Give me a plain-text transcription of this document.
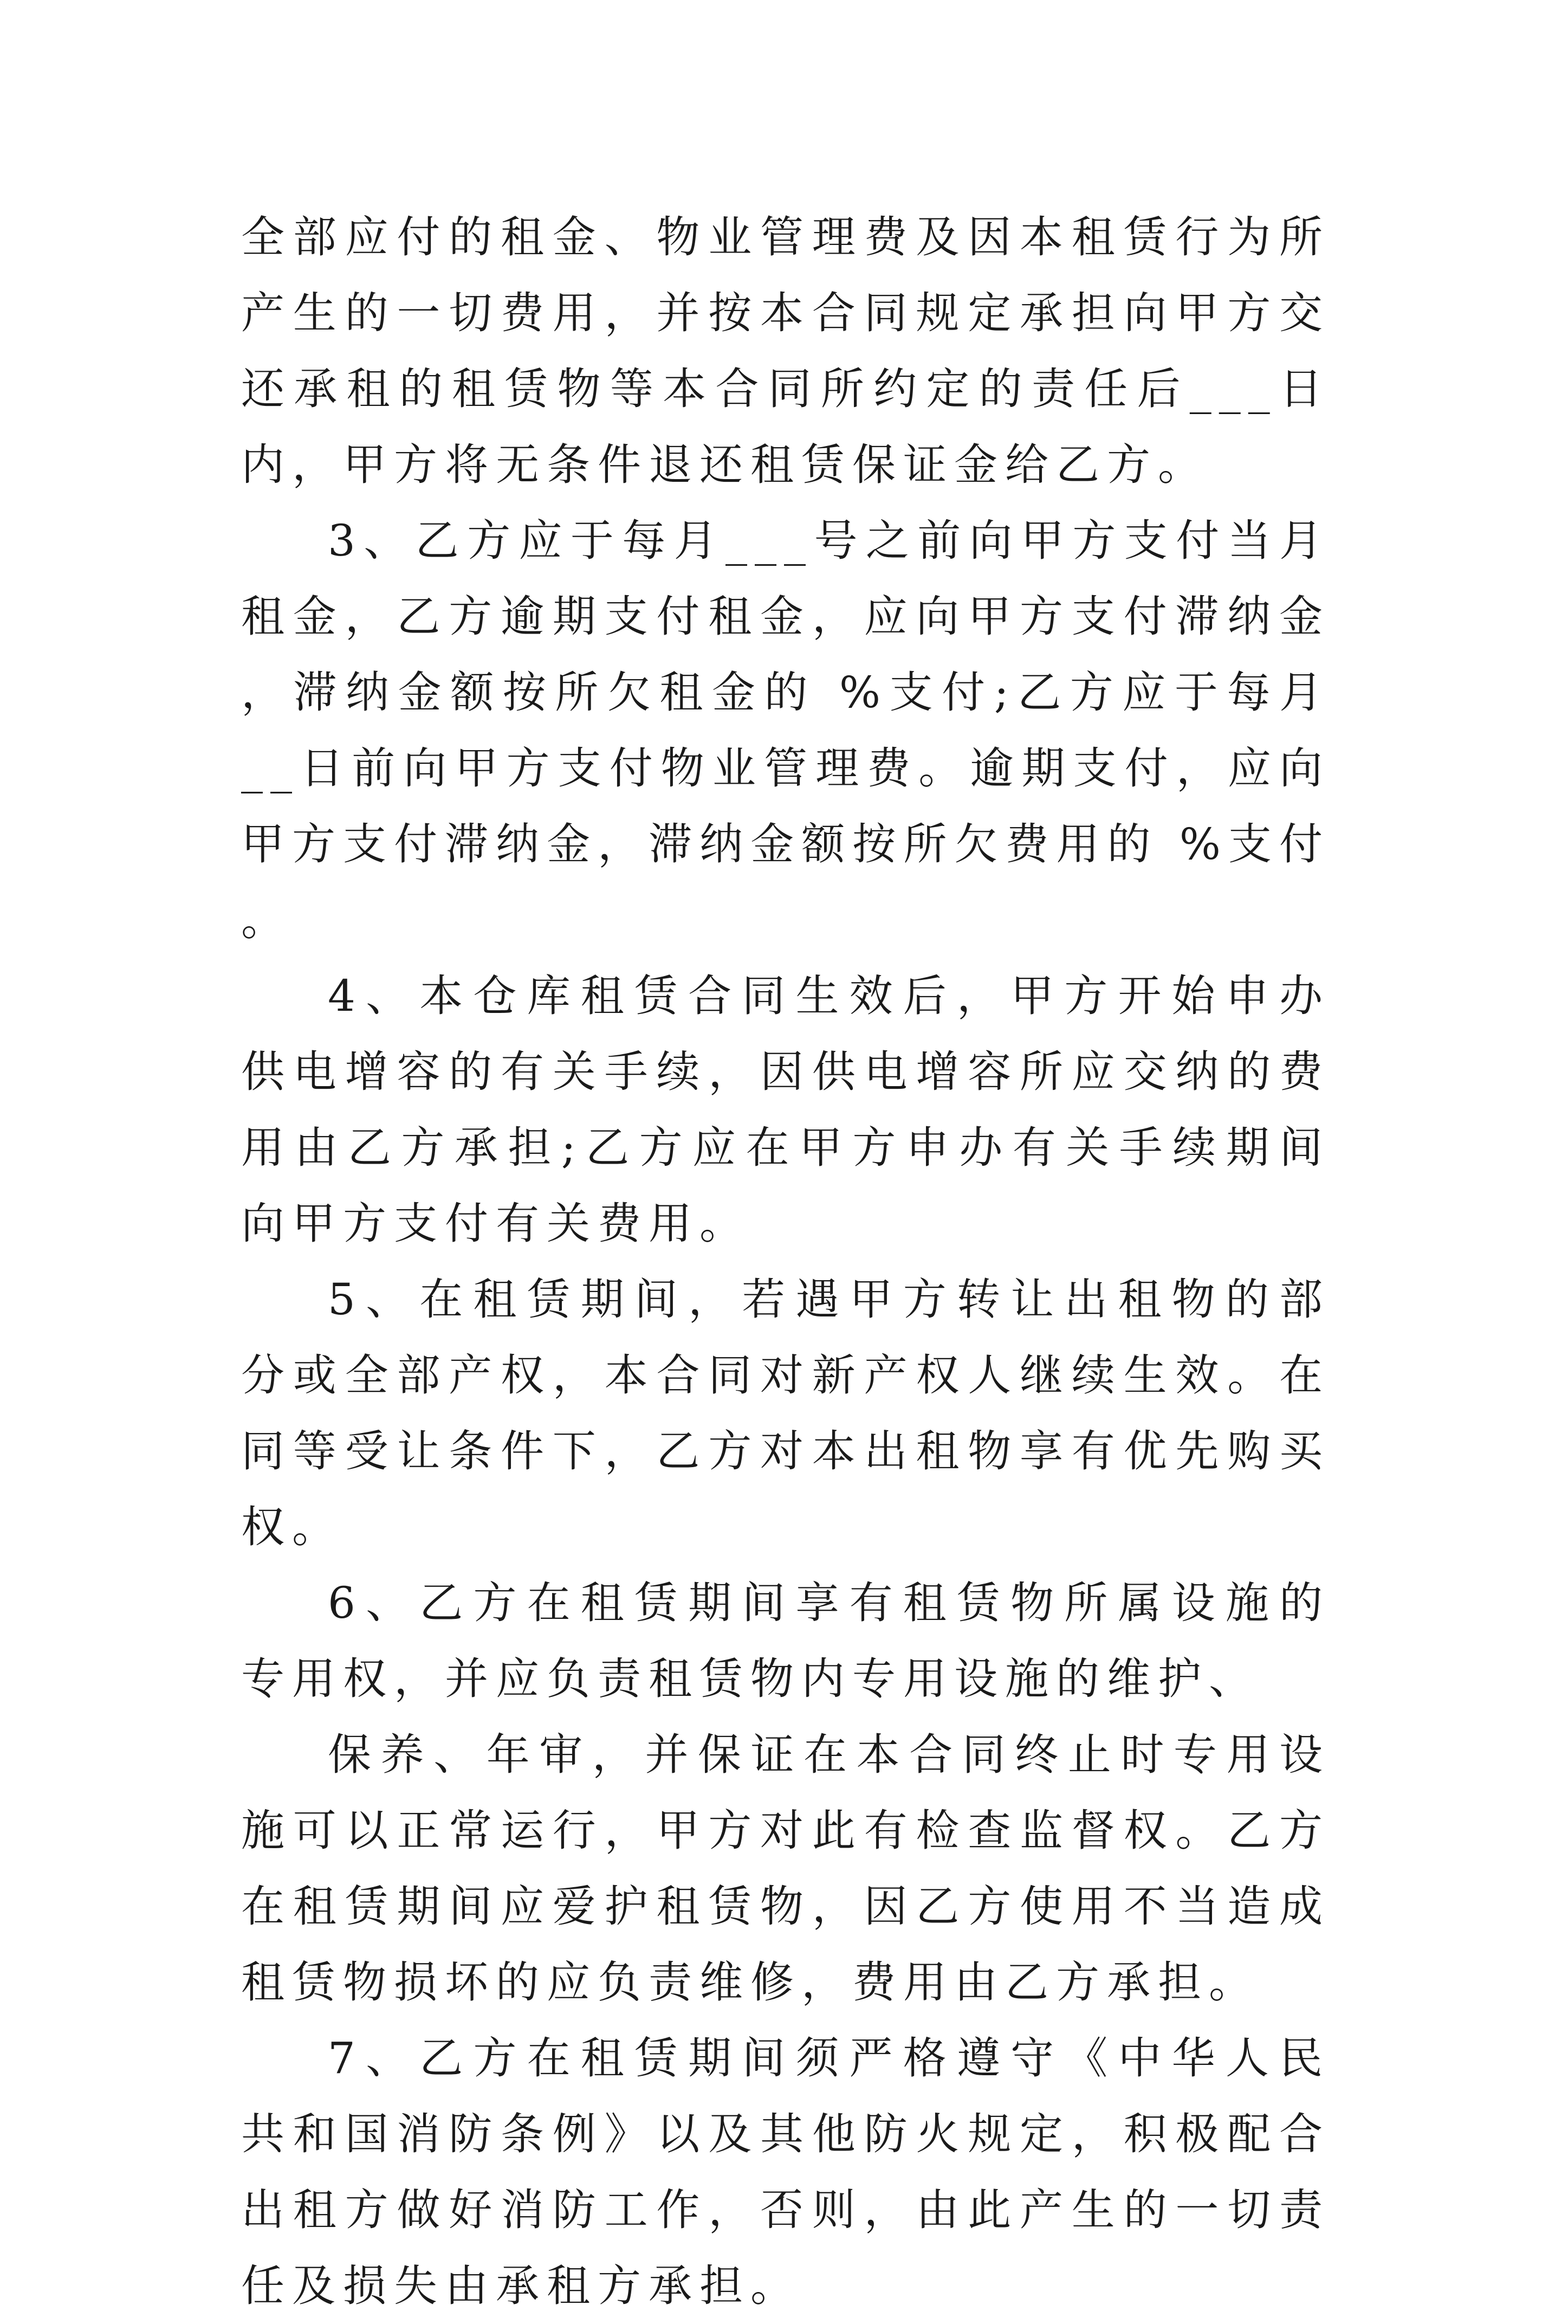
全部应付的租金、物业管理费及因本租赁行为所产生的一切费用，并按本合同规定承担向甲方交还承租的租赁物等本合同所约定的责任后___日内，甲方将无条件退还租赁保证金给乙方。

3、乙方应于每月___号之前向甲方支付当月租金，乙方逾期支付租金，应向甲方支付滞纳金，滞纳金额按所欠租金的 %支付;乙方应于每月__日前向甲方支付物业管理费。逾期支付，应向甲方支付滞纳金，滞纳金额按所欠费用的 %支付。

4、本仓库租赁合同生效后，甲方开始申办供电增容的有关手续，因供电增容所应交纳的费用由乙方承担;乙方应在甲方申办有关手续期间向甲方支付有关费用。

5、在租赁期间，若遇甲方转让出租物的部分或全部产权，本合同对新产权人继续生效。在同等受让条件下，乙方对本出租物享有优先购买权。

6、乙方在租赁期间享有租赁物所属设施的专用权，并应负责租赁物内专用设施的维护、

保养、年审，并保证在本合同终止时专用设施可以正常运行，甲方对此有检查监督权。乙方在租赁期间应爱护租赁物，因乙方使用不当造成租赁物损坏的应负责维修，费用由乙方承担。

7、乙方在租赁期间须严格遵守《中华人民共和国消防条例》以及其他防火规定，积极配合出租方做好消防工作，否则，由此产生的一切责任及损失由承租方承担。
